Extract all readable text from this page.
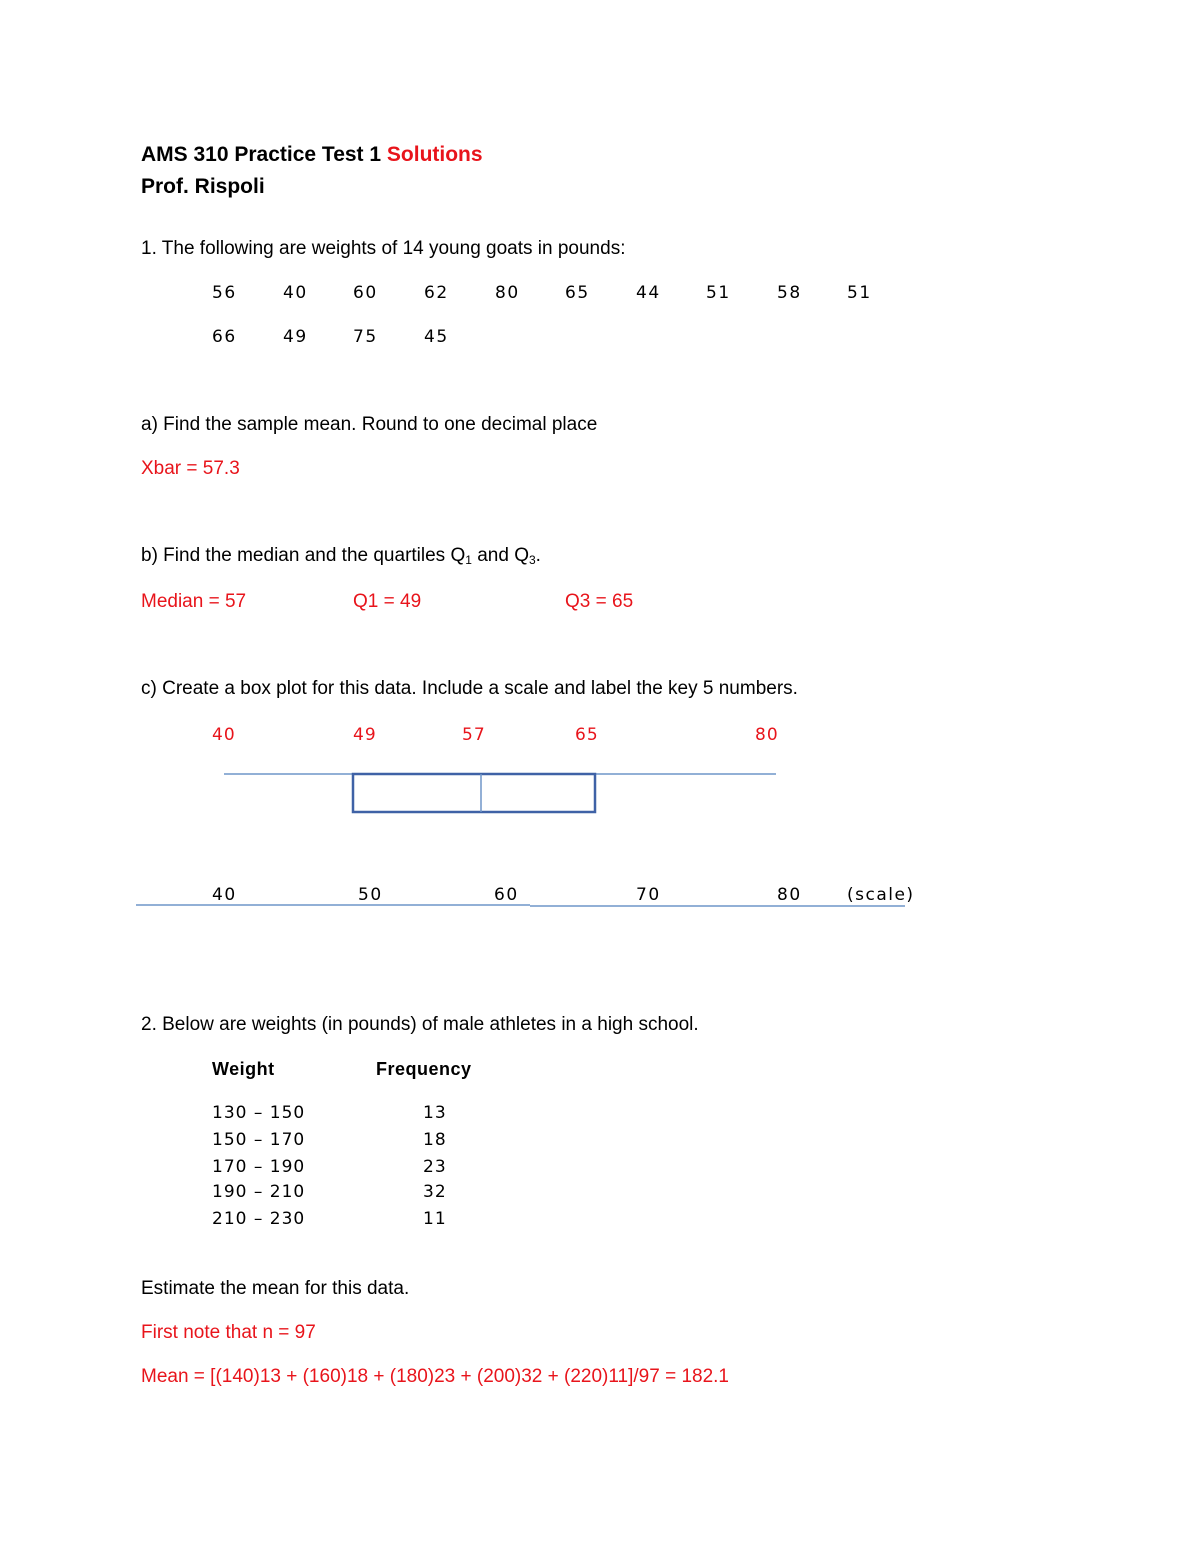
AMS 310 Practice Test 1 Solutions
Prof. Rispoli
1. The following are weights of 14 young goats in pounds:
56	40	60	62	80	65	44	51	58	51
66	49	75	45
a) Find the sample mean. Round to one decimal place
Xbar = 57.3
b) Find the median and the quartiles $Q_1$ and $Q_3$.
Median = 57	Q1 = 49	Q3 = 65
c) Create a box plot for this data. Include a scale and label the key 5 numbers.
40	49	57	65	80
40	50	60	70	80	(scale)
2. Below are weights (in pounds) of male athletes in a high school.
Weight	Frequency
130 – 150	13
150 – 170	18
170 – 190	23
190 – 210	32
210 – 230	11
Estimate the mean for this data.
First note that n = 97
Mean = [(140)13 + (160)18 + (180)23 + (200)32 + (220)11]/97 = 182.1
